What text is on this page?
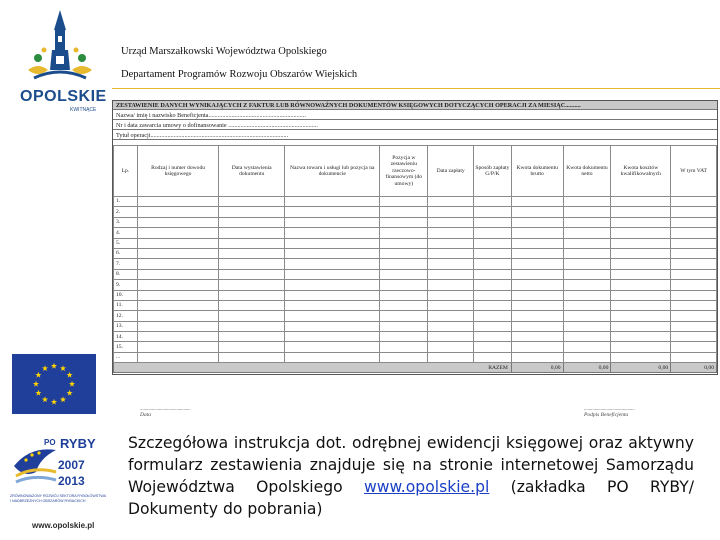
OPOLSKIE
KWITNĄCE
PO RYBY
2007
2013
ZRÓWNOWAŻONY ROZWÓJ SEKTORA RYBOŁÓWSTWA I NADBRZEŻNYCH OBSZARÓW RYBACKICH
www.opolskie.pl
Urząd Marszałkowski Województwa Opolskiego
Departament Programów Rozwoju Obszarów Wiejskich
ZESTAWIENIE DANYCH WYNIKAJĄCYCH Z FAKTUR LUB RÓWNOWAŻNYCH DOKUMENTÓW KSIĘGOWYCH DOTYCZĄCYCH OPERACJI ZA MIESIĄC..........
Nazwa/ imię i nazwisko Beneficjenta...............................................................
Nr i data zawarcia umowy o dofinansowanie ..........................................................
Tytuł operacji.........................................................................................
Lp.	Rodzaj i numer dowodu księgowego	Data wystawienia dokumentu	Nazwa towaru i usługi lub pozycja na dokumencie	Pozycja w zestawieniu rzeczowo-finansowym (do umowy)	Data zapłaty	Sposób zapłaty G/P/K	Kwota dokumentu brutto	Kwota dokumentu netto	Kwota kosztów kwalifikowalnych	W tym VAT
1.										
2.										
3.										
4.										
5.										
6.										
7.										
8.										
9.										
10.										
11.										
12.										
13.										
14.										
15.										
...										
RAZEM							0,00	0,00	0,00	0,00
...........................................
Data
...........................................
Podpis Beneficjenta

Szczegółowa instrukcja dot. odrębnej ewidencji księgowej oraz aktywny formularz zestawienia znajduje się na stronie internetowej Samorządu Województwa Opolskiego www.opolskie.pl (zakładka PO RYBY/ Dokumenty do pobrania)
